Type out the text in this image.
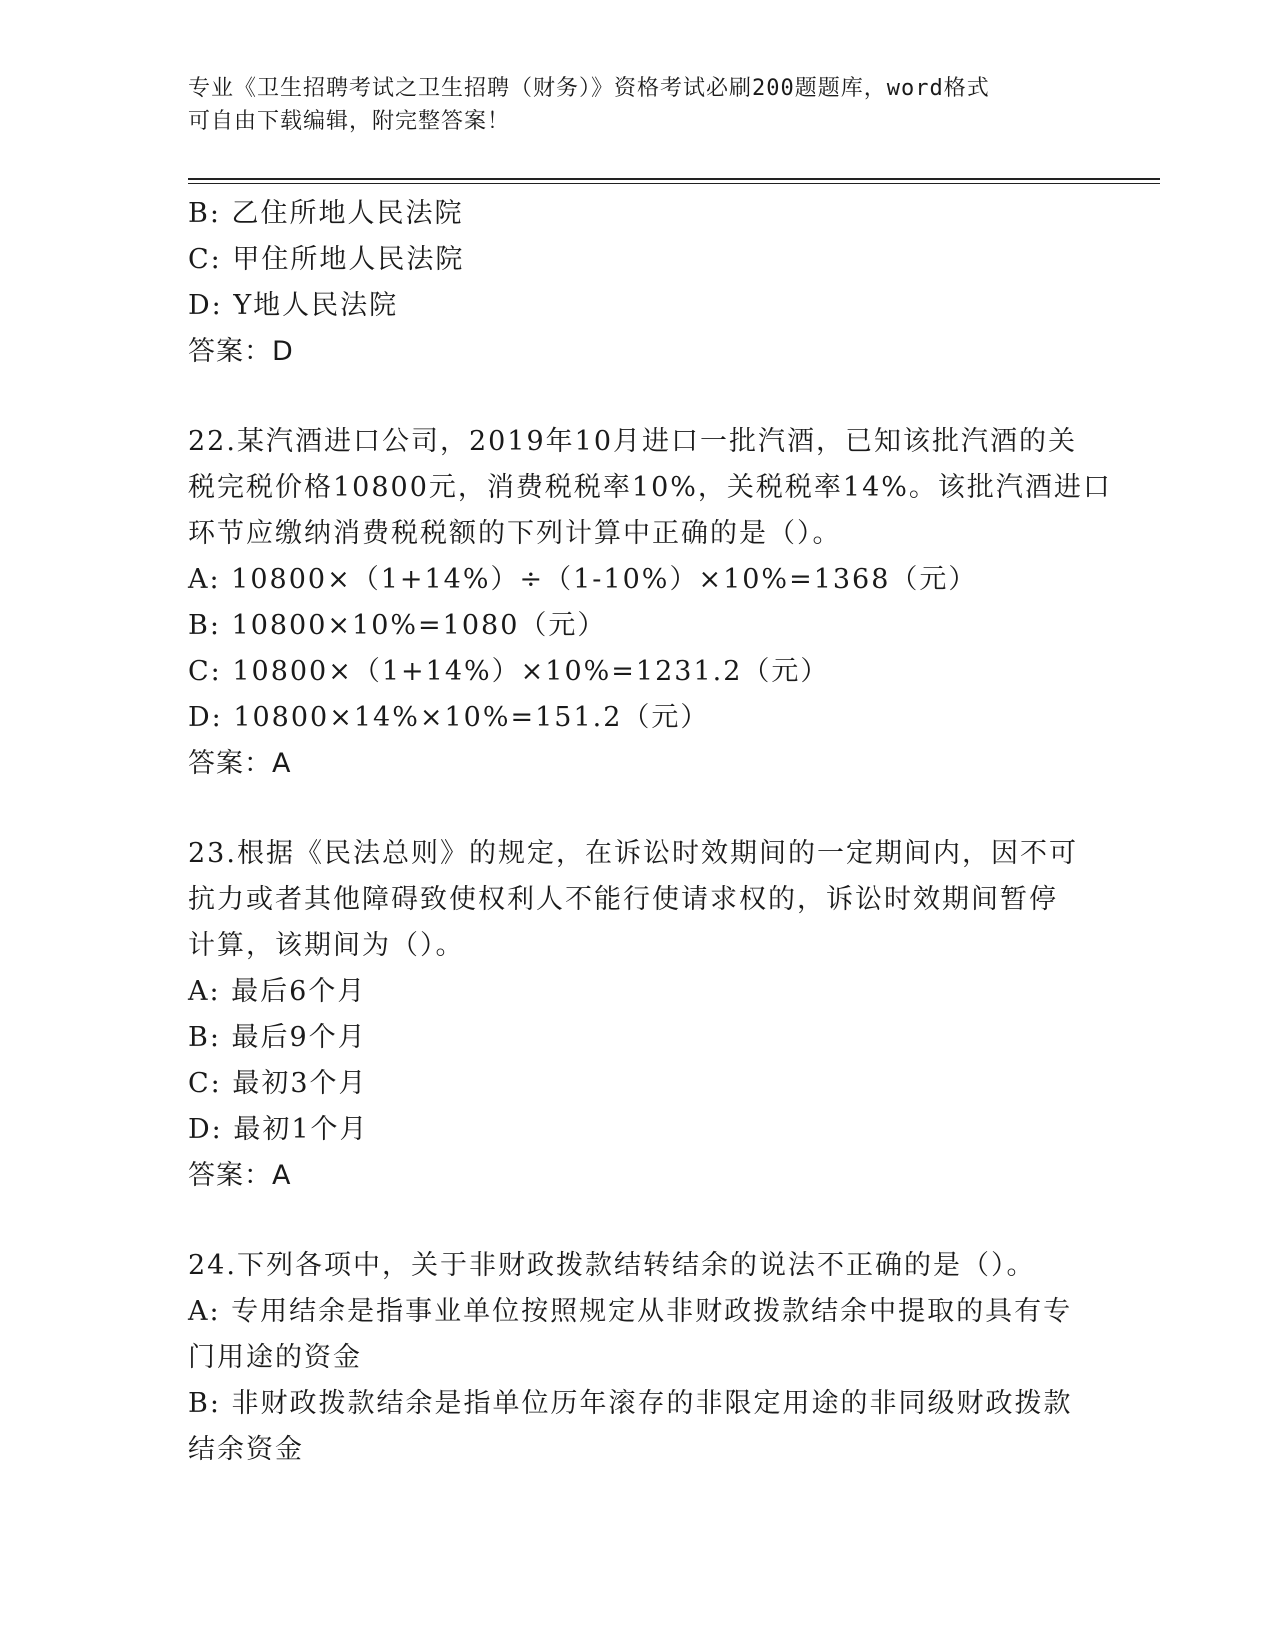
专业《卫生招聘考试之卫生招聘（财务）》资格考试必刷200题题库，word格式
可自由下载编辑，附完整答案！
B: 乙住所地人民法院
C: 甲住所地人民法院
D: Y地人民法院
答案：D
22.某汽酒进口公司，2019年10月进口一批汽酒，已知该批汽酒的关
税完税价格10800元，消费税税率10%，关税税率14%。该批汽酒进口
环节应缴纳消费税税额的下列计算中正确的是（）。
A: 10800×（1+14%）÷（1-10%）×10%=1368（元）
B: 10800×10%=1080（元）
C: 10800×（1+14%）×10%=1231.2（元）
D: 10800×14%×10%=151.2（元）
答案：A
23.根据《民法总则》的规定，在诉讼时效期间的一定期间内，因不可
抗力或者其他障碍致使权利人不能行使请求权的，诉讼时效期间暂停
计算，该期间为（）。
A: 最后6个月
B: 最后9个月
C: 最初3个月
D: 最初1个月
答案：A
24.下列各项中，关于非财政拨款结转结余的说法不正确的是（）。
A: 专用结余是指事业单位按照规定从非财政拨款结余中提取的具有专
门用途的资金
B: 非财政拨款结余是指单位历年滚存的非限定用途的非同级财政拨款
结余资金
